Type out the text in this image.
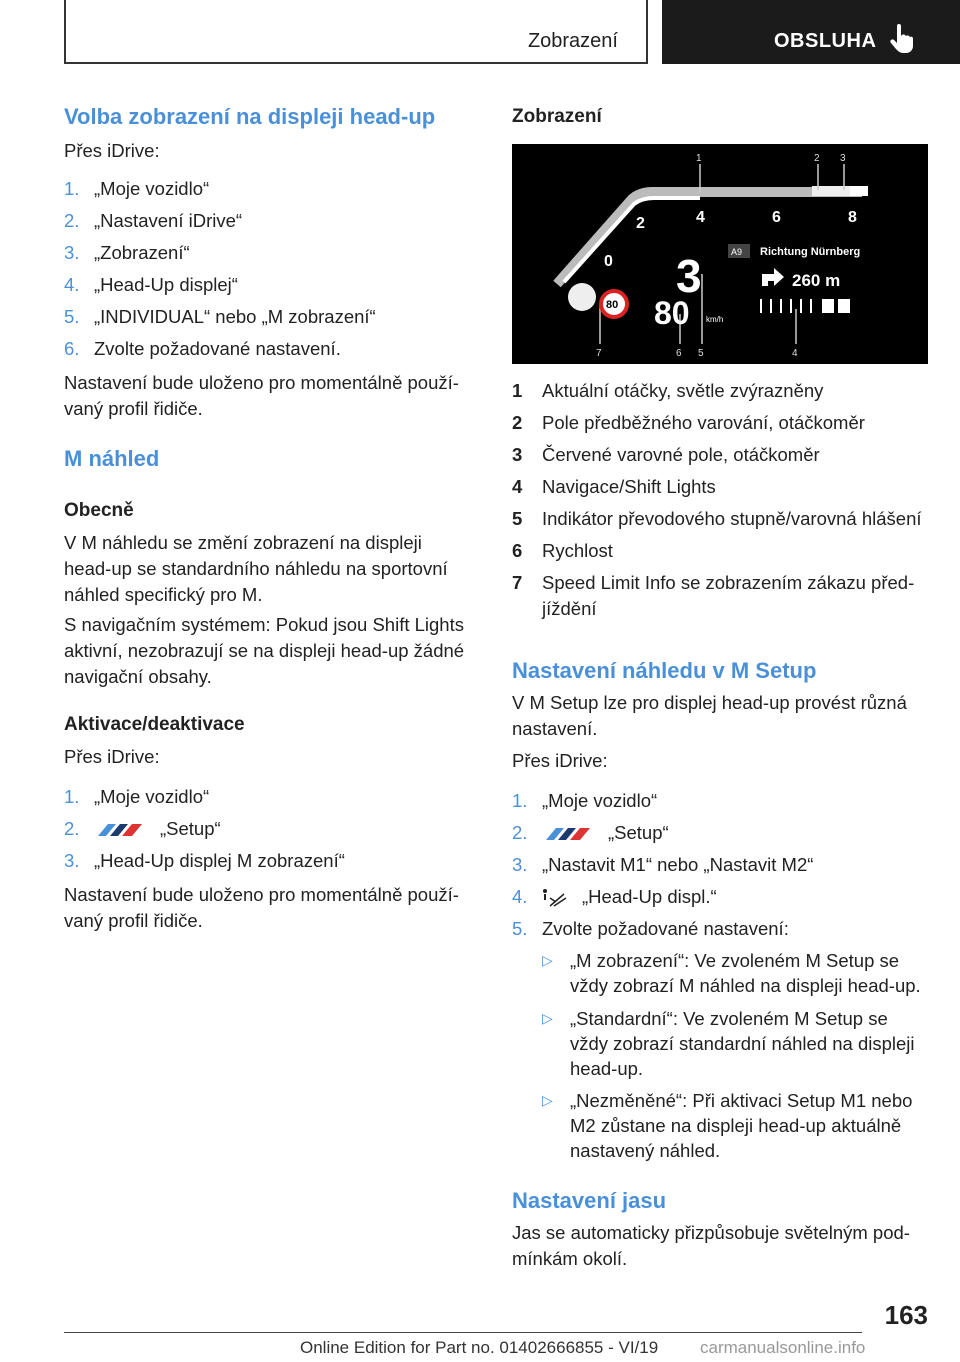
Zobrazení	OBSLUHA
Volba zobrazení na displeji head-up
Přes iDrive:
1. „Moje vozidlo“
2. „Nastavení iDrive“
3. „Zobrazení“
4. „Head-Up displej“
5. „INDIVIDUAL“ nebo „M zobrazení“
6. Zvolte požadované nastavení.
Nastavení bude uloženo pro momentálně použí-
vaný profil řidiče.
M náhled
Obecně
V M náhledu se změní zobrazení na displeji
head-up se standardního náhledu na sportovní
náhled specifický pro M.
S navigačním systémem: Pokud jsou Shift Lights
aktivní, nezobrazují se na displeji head-up žádné
navigační obsahy.
Aktivace/deaktivace
Přes iDrive:
1. „Moje vozidlo“
2.	„Setup“
3. „Head-Up displej M zobrazení“
Nastavení bude uloženo pro momentálně použí-
vaný profil řidiče.
Zobrazení
1	2 3
7	6 5	4
0
2	4	6	8
3
80 km/h
80
A9 Richtung Nürnberg
260 m
1 Aktuální otáčky, světle zvýrazněny
2 Pole předběžného varování, otáčkoměr
3 Červené varovné pole, otáčkoměr
4 Navigace/Shift Lights
5 Indikátor převodového stupně/varovná hlášení
6 Rychlost
7 Speed Limit Info se zobrazením zákazu před-
jíždění
Nastavení náhledu v M Setup
V M Setup lze pro displej head-up provést různá
nastavení.
Přes iDrive:
1. „Moje vozidlo“
2.	„Setup“
3. „Nastavit M1“ nebo „Nastavit M2“
4.	„Head-Up displ.“
5. Zvolte požadované nastavení:
▷ „M zobrazení“: Ve zvoleném M Setup se
vždy zobrazí M náhled na displeji head-up.
▷ „Standardní“: Ve zvoleném M Setup se
vždy zobrazí standardní náhled na displeji
head-up.
▷ „Nezměněné“: Při aktivaci Setup M1 nebo
M2 zůstane na displeji head-up aktuálně
nastavený náhled.
Nastavení jasu
Jas se automaticky přizpůsobuje světelným pod-
mínkám okolí.
163
Online Edition for Part no. 01402666855 - VI/19 carmanualsonline.info
